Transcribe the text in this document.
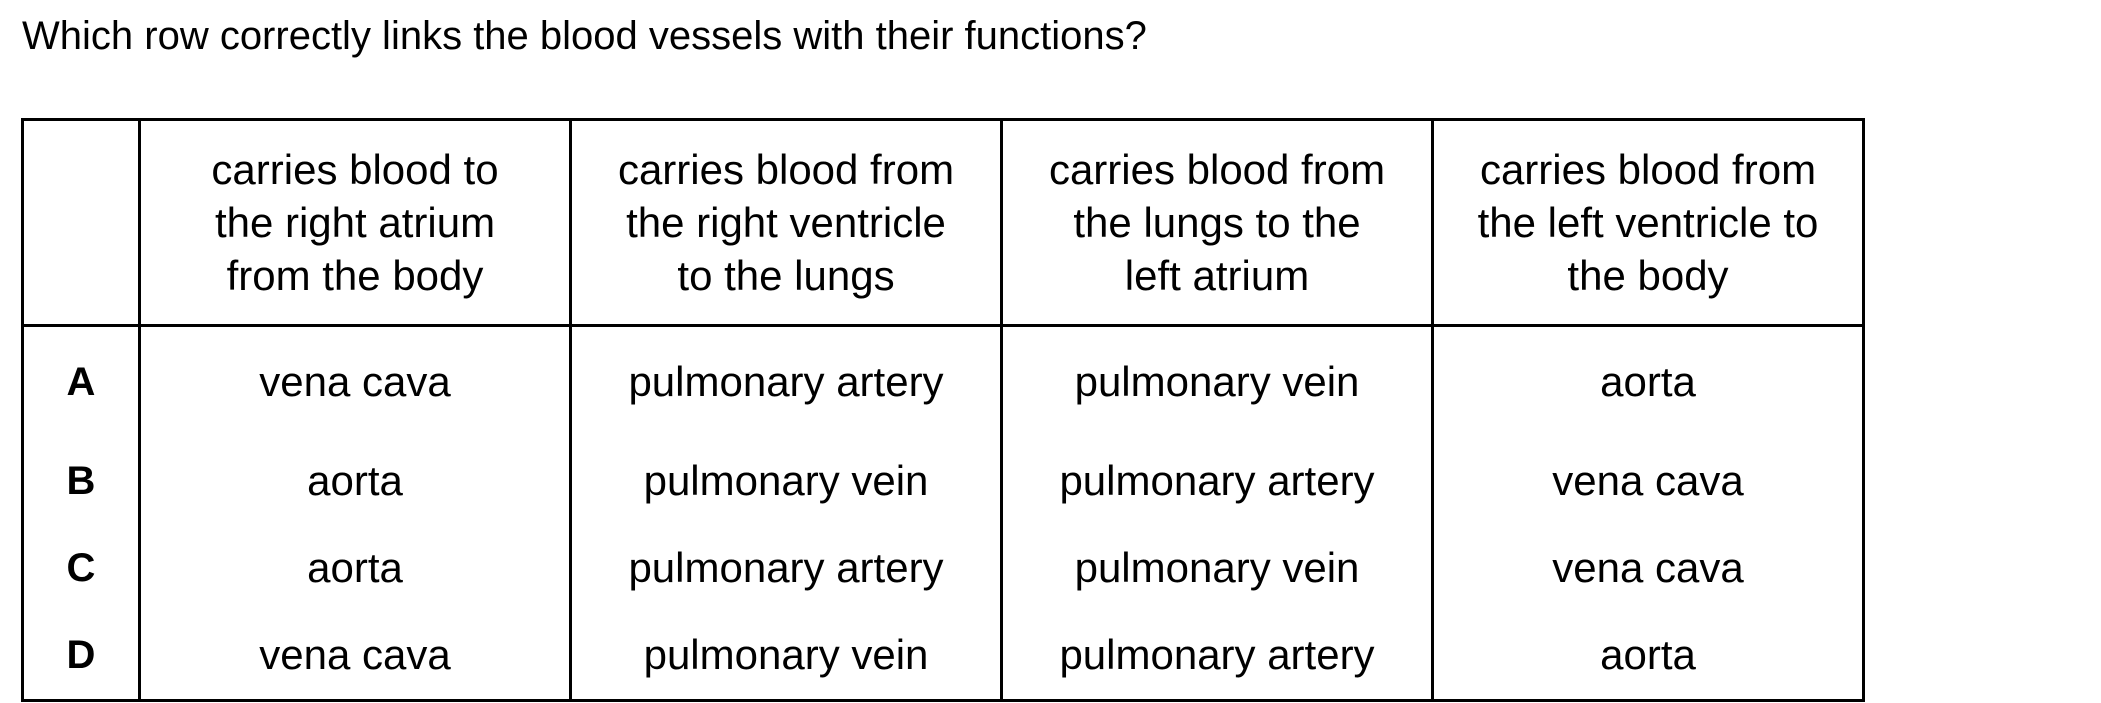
Which row correctly links the blood vessels with their functions?
	carries blood to
the right atrium
from the body	carries blood from
the right ventricle
to the lungs	carries blood from
the lungs to the
left atrium	carries blood from
the left ventricle to
the body
A	vena cava	pulmonary artery	pulmonary vein	aorta
B	aorta	pulmonary vein	pulmonary artery	vena cava
C	aorta	pulmonary artery	pulmonary vein	vena cava
D	vena cava	pulmonary vein	pulmonary artery	aorta
